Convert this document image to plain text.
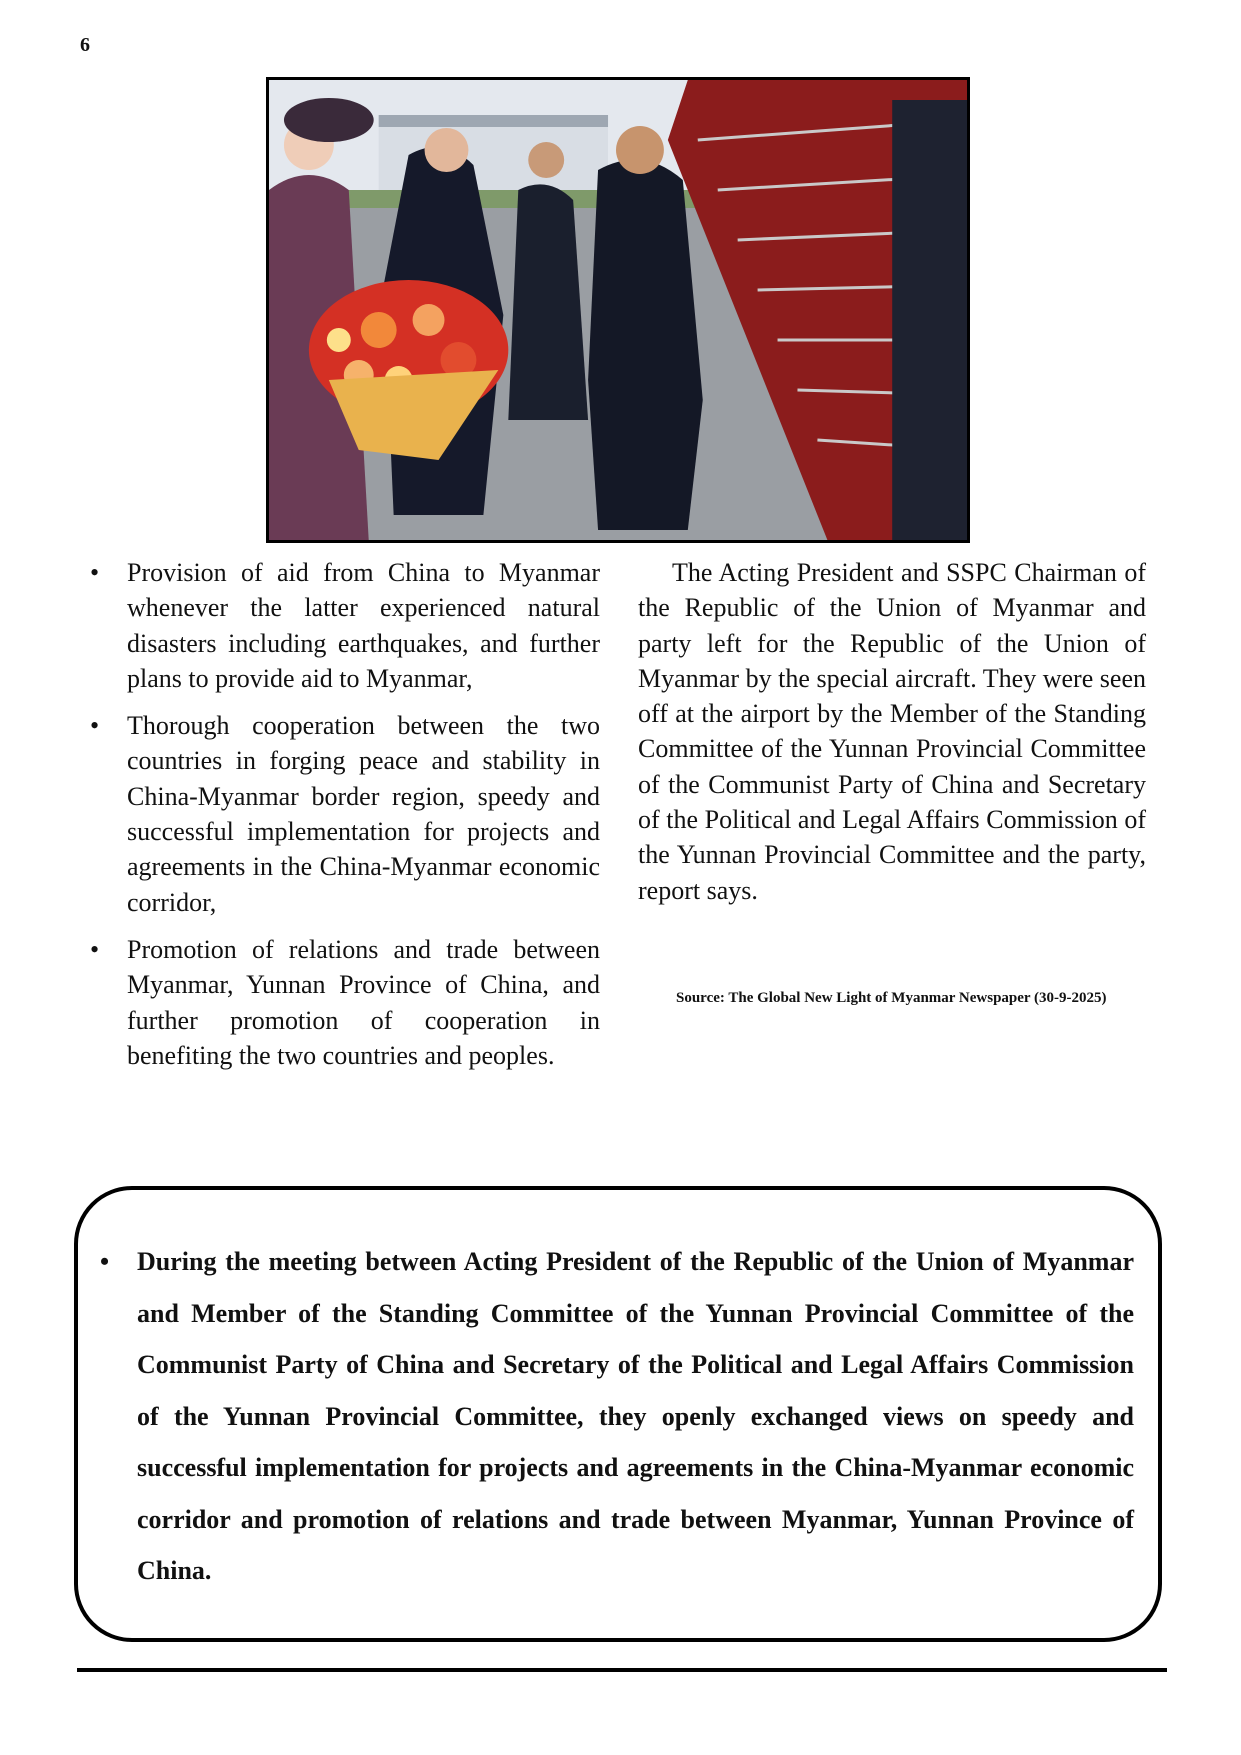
6
• Provision of aid from China to Myanmar whenever the latter experienced natural disasters including earthquakes, and further plans to provide aid to Myanmar,
• Thorough cooperation between the two countries in forging peace and stability in China-Myanmar border region, speedy and successful implementation for projects and agreements in the China-Myanmar economic corridor,
• Promotion of relations and trade between Myanmar, Yunnan Province of China, and further promotion of cooperation in benefiting the two countries and peoples.

The Acting President and SSPC Chairman of the Republic of the Union of Myanmar and party left for the Republic of the Union of Myanmar by the special aircraft. They were seen off at the airport by the Member of the Standing Committee of the Yunnan Provincial Committee of the Communist Party of China and Secretary of the Political and Legal Affairs Commission of the Yunnan Provincial Committee and the party, report says.

Source: The Global New Light of Myanmar Newspaper (30-9-2025)
• During the meeting between Acting President of the Republic of the Union of Myanmar and Member of the Standing Committee of the Yunnan Provincial Committee of the Communist Party of China and Secretary of the Political and Legal Affairs Commission of the Yunnan Provincial Committee, they openly exchanged views on speedy and successful implementation for projects and agreements in the China-Myanmar economic corridor and promotion of relations and trade between Myanmar, Yunnan Province of China.
